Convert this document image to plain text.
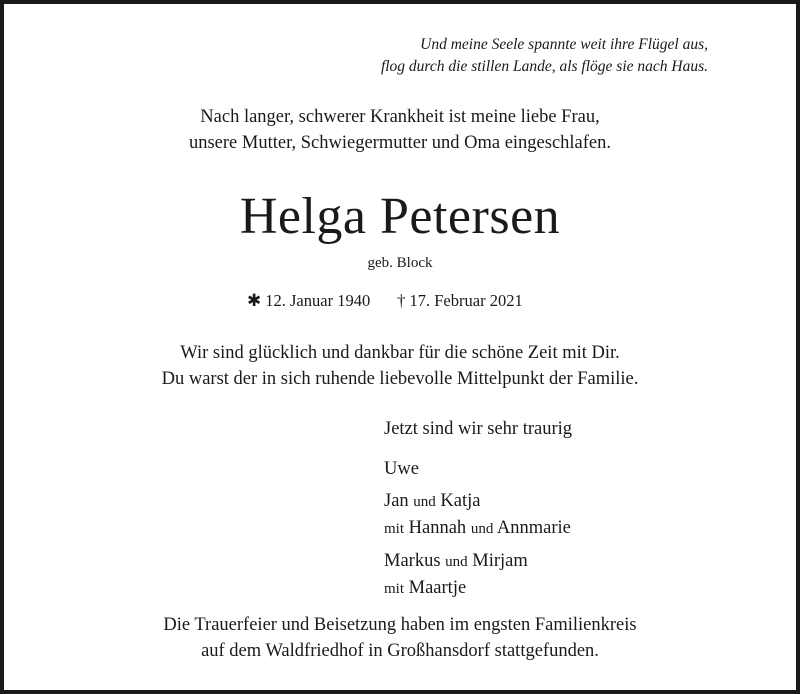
Und meine Seele spannte weit ihre Flügel aus,
flog durch die stillen Lande, als flöge sie nach Haus.
Nach langer, schwerer Krankheit ist meine liebe Frau,
unsere Mutter, Schwiegermutter und Oma eingeschlafen.
Helga Petersen
geb. Block
✱ 12. Januar 1940 † 17. Februar 2021
Wir sind glücklich und dankbar für die schöne Zeit mit Dir.
Du warst der in sich ruhende liebevolle Mittelpunkt der Familie.
Jetzt sind wir sehr traurig
Uwe
Jan und Katja
mit Hannah und Annmarie
Markus und Mirjam
mit Maartje
Die Trauerfeier und Beisetzung haben im engsten Familienkreis
auf dem Waldfriedhof in Großhansdorf stattgefunden.
